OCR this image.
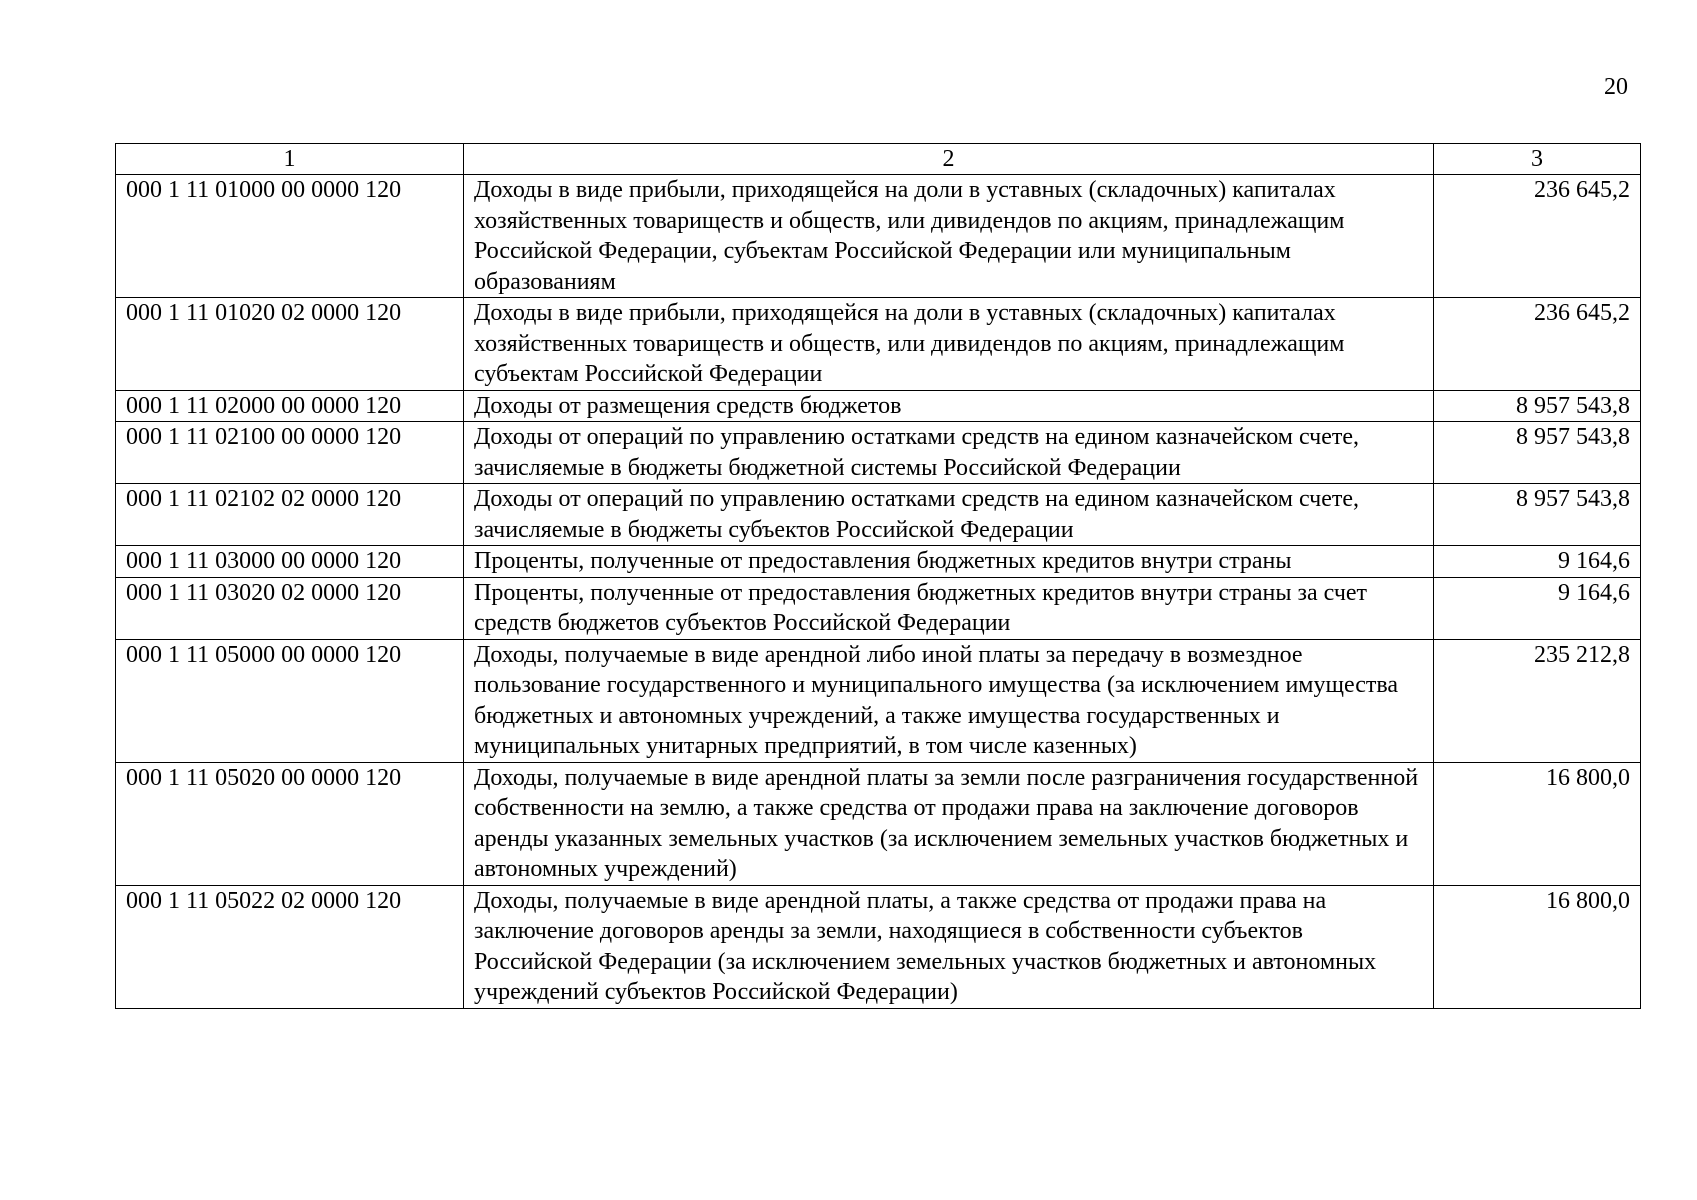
20
1	2	3
000 1 11 01000 00 0000 120	Доходы в виде прибыли, приходящейся на доли в уставных (складочных) капиталах хозяйственных товариществ и обществ, или дивидендов по акциям, принадлежащим Российской Федерации, субъектам Российской Федерации или муниципальным образованиям	236 645,2
000 1 11 01020 02 0000 120	Доходы в виде прибыли, приходящейся на доли в уставных (складочных) капиталах хозяйственных товариществ и обществ, или дивидендов по акциям, принадлежащим субъектам Российской Федерации	236 645,2
000 1 11 02000 00 0000 120	Доходы от размещения средств бюджетов	8 957 543,8
000 1 11 02100 00 0000 120	Доходы от операций по управлению остатками средств на едином казначейском счете, зачисляемые в бюджеты бюджетной системы Российской Федерации	8 957 543,8
000 1 11 02102 02 0000 120	Доходы от операций по управлению остатками средств на едином казначейском счете, зачисляемые в бюджеты субъектов Российской Федерации	8 957 543,8
000 1 11 03000 00 0000 120	Проценты, полученные от предоставления бюджетных кредитов внутри страны	9 164,6
000 1 11 03020 02 0000 120	Проценты, полученные от предоставления бюджетных кредитов внутри страны за счет средств бюджетов субъектов Российской Федерации	9 164,6
000 1 11 05000 00 0000 120	Доходы, получаемые в виде арендной либо иной платы за передачу в возмездное пользование государственного и муниципального имущества (за исключением имущества бюджетных и автономных учреждений, а также имущества государственных и муниципальных унитарных предприятий, в том числе казенных)	235 212,8
000 1 11 05020 00 0000 120	Доходы, получаемые в виде арендной платы за земли после разграничения государственной собственности на землю, а также средства от продажи права на заключение договоров аренды указанных земельных участков (за исключением земельных участков бюджетных и автономных учреждений)	16 800,0
000 1 11 05022 02 0000 120	Доходы, получаемые в виде арендной платы, а также средства от продажи права на заключение договоров аренды за земли, находящиеся в собственности субъектов Российской Федерации (за исключением земельных участков бюджетных и автономных учреждений субъектов Российской Федерации)	16 800,0
